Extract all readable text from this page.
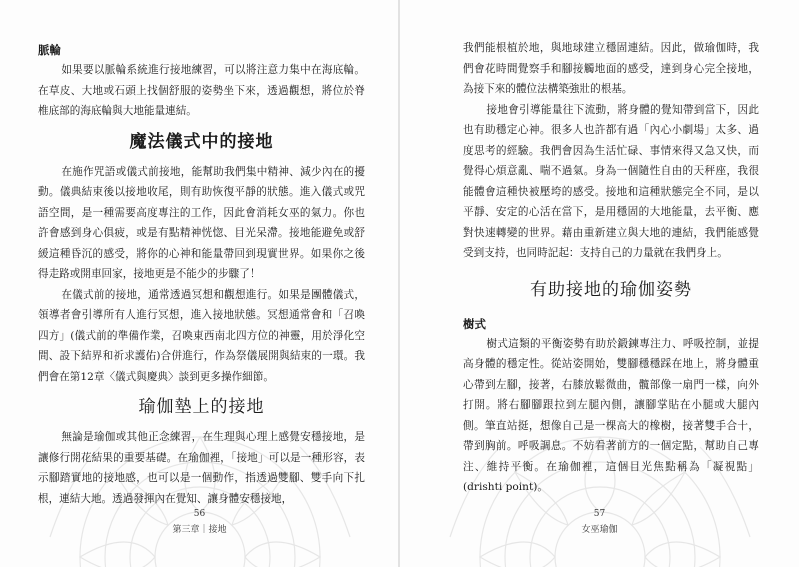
脈輪

如果要以脈輪系統進行接地練習，可以將注意力集中在海底輪。在草皮、大地或石頭上找個舒服的姿勢坐下來，透過觀想，將位於脊椎底部的海底輪與大地能量連結。

魔法儀式中的接地

在施作咒語或儀式前接地，能幫助我們集中精神、減少內在的擾動。儀典結束後以接地收尾，則有助恢復平靜的狀態。進入儀式或咒語空間，是一種需要高度專注的工作，因此會消耗女巫的氣力。你也許會感到身心俱疲，或是有點精神恍惚、目光呆滯。接地能避免或舒緩這種昏沉的感受，將你的心神和能量帶回到現實世界。如果你之後得走路或開車回家，接地更是不能少的步驟了！

在儀式前的接地，通常透過冥想和觀想進行。如果是團體儀式，領導者會引導所有人進行冥想，進入接地狀態。冥想通常會和「召喚四方」(儀式前的準備作業，召喚東西南北四方位的神靈，用於淨化空間、設下結界和祈求護佑)合併進行，作為祭儀展開與結束的一環。我們會在第12章〈儀式與慶典〉談到更多操作細節。

瑜伽墊上的接地

無論是瑜伽或其他正念練習，在生理與心理上感覺安穩接地，是讓修行開花結果的重要基礎。在瑜伽裡，「接地」可以是一種形容，表示腳踏實地的接地感，也可以是一個動作，指透過雙腳、雙手向下扎根，連結大地。透過發揮內在覺知、讓身體安穩接地，

56
第三章｜接地

我們能根植於地，與地球建立穩固連結。因此，做瑜伽時，我們會花時間覺察手和腳接觸地面的感受，達到身心完全接地，為接下來的體位法構築強壯的根基。

接地會引導能量往下流動，將身體的覺知帶到當下，因此也有助穩定心神。很多人也許都有過「內心小劇場」太多、過度思考的經驗。我們會因為生活忙碌、事情來得又急又快，而覺得心煩意亂、喘不過氣。身為一個隨性自由的天秤座，我很能體會這種快被壓垮的感受。接地和這種狀態完全不同，是以平靜、安定的心活在當下，是用穩固的大地能量，去平衡、應對快速轉變的世界。藉由重新建立與大地的連結，我們能感覺受到支持，也同時記起：支持自己的力量就在我們身上。

有助接地的瑜伽姿勢
樹式

樹式這類的平衡姿勢有助於鍛鍊專注力、呼吸控制，並提高身體的穩定性。從站姿開始，雙腳穩穩踩在地上，將身體重心帶到左腳，接著，右膝放鬆微曲，髖部像一扇門一樣，向外打開。將右腳腳跟拉到左腿內側，讓腳掌貼在小腿或大腿內側。筆直站挺，想像自己是一棵高大的橡樹，接著雙手合十，帶到胸前。呼吸調息。不妨看著前方的一個定點，幫助自己專注、維持平衡。在瑜伽裡，這個目光焦點稱為「凝視點」(drishti point)。

57
女巫瑜伽
